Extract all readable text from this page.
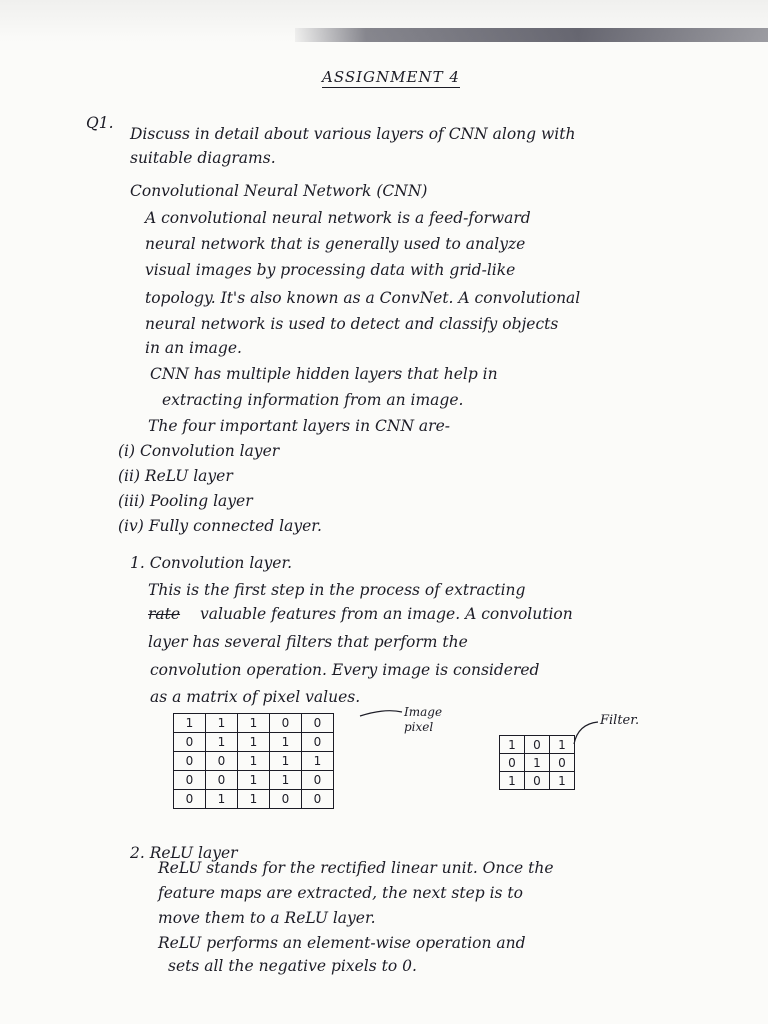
ASSIGNMENT 4
Q1.
Discuss in detail about various layers of CNN along with
suitable diagrams.
Convolutional Neural Network (CNN)
A convolutional neural network is a feed-forward
neural network that is generally used to analyze
visual images by processing data with grid-like
topology. It's also known as a ConvNet. A convolutional
neural network is used to detect and classify objects
in an image.
CNN has multiple hidden layers that help in
extracting information from an image.
The four important layers in CNN are-
(i) Convolution layer
(ii) ReLU layer
(iii) Pooling layer
(iv) Fully connected layer.
1. Convolution layer.
This is the first step in the process of extracting
rate valuable features from an image. A convolution
layer has several filters that perform the
convolution operation. Every image is considered
as a matrix of pixel values.
1	1	1	0	0
0	1	1	1	0
0	0	1	1	1
0	0	1	1	0
0	1	1	0	0
1	0	1
0	1	0
1	0	1
Image pixel	Filter.
2. ReLU layer
ReLU stands for the rectified linear unit. Once the
feature maps are extracted, the next step is to
move them to a ReLU layer.
ReLU performs an element-wise operation and
sets all the negative pixels to 0.
